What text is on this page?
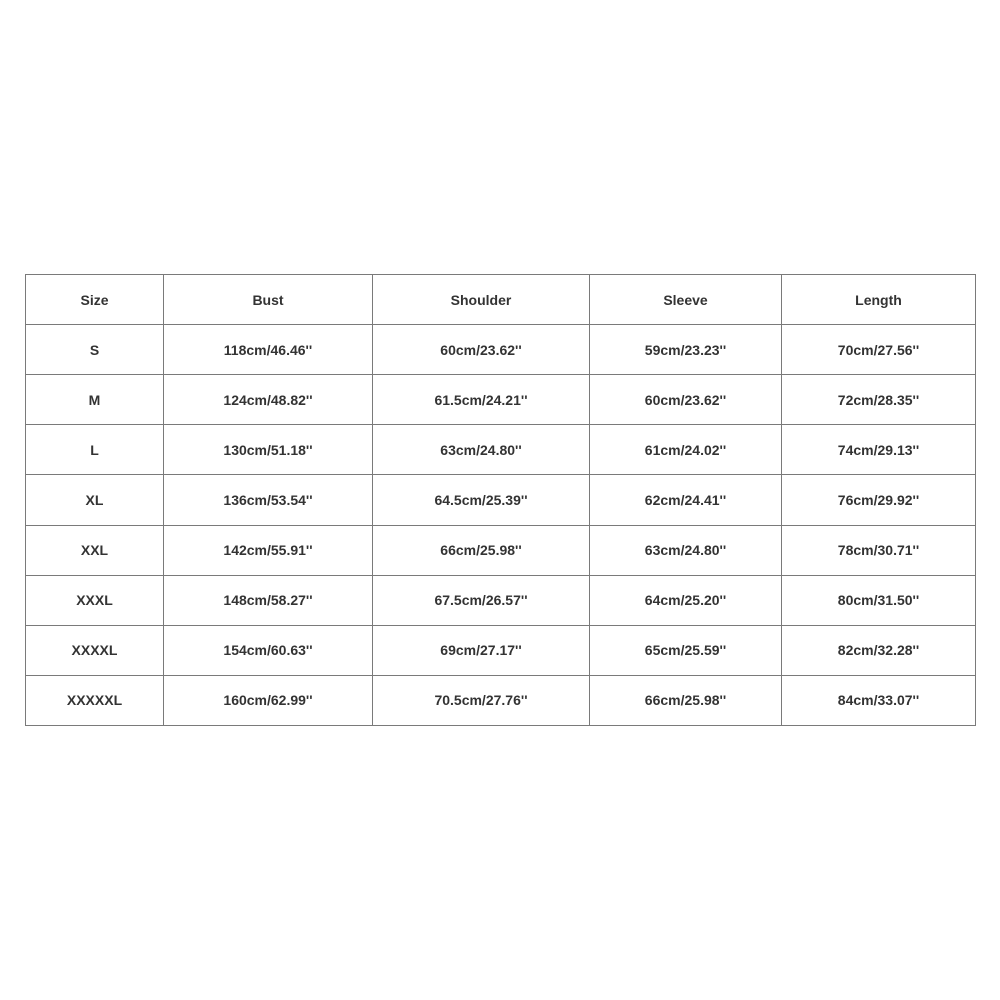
Size	Bust	Shoulder	Sleeve	Length
S	118cm/46.46''	60cm/23.62''	59cm/23.23''	70cm/27.56''
M	124cm/48.82''	61.5cm/24.21''	60cm/23.62''	72cm/28.35''
L	130cm/51.18''	63cm/24.80''	61cm/24.02''	74cm/29.13''
XL	136cm/53.54''	64.5cm/25.39''	62cm/24.41''	76cm/29.92''
XXL	142cm/55.91''	66cm/25.98''	63cm/24.80''	78cm/30.71''
XXXL	148cm/58.27''	67.5cm/26.57''	64cm/25.20''	80cm/31.50''
XXXXL	154cm/60.63''	69cm/27.17''	65cm/25.59''	82cm/32.28''
XXXXXL	160cm/62.99''	70.5cm/27.76''	66cm/25.98''	84cm/33.07''
